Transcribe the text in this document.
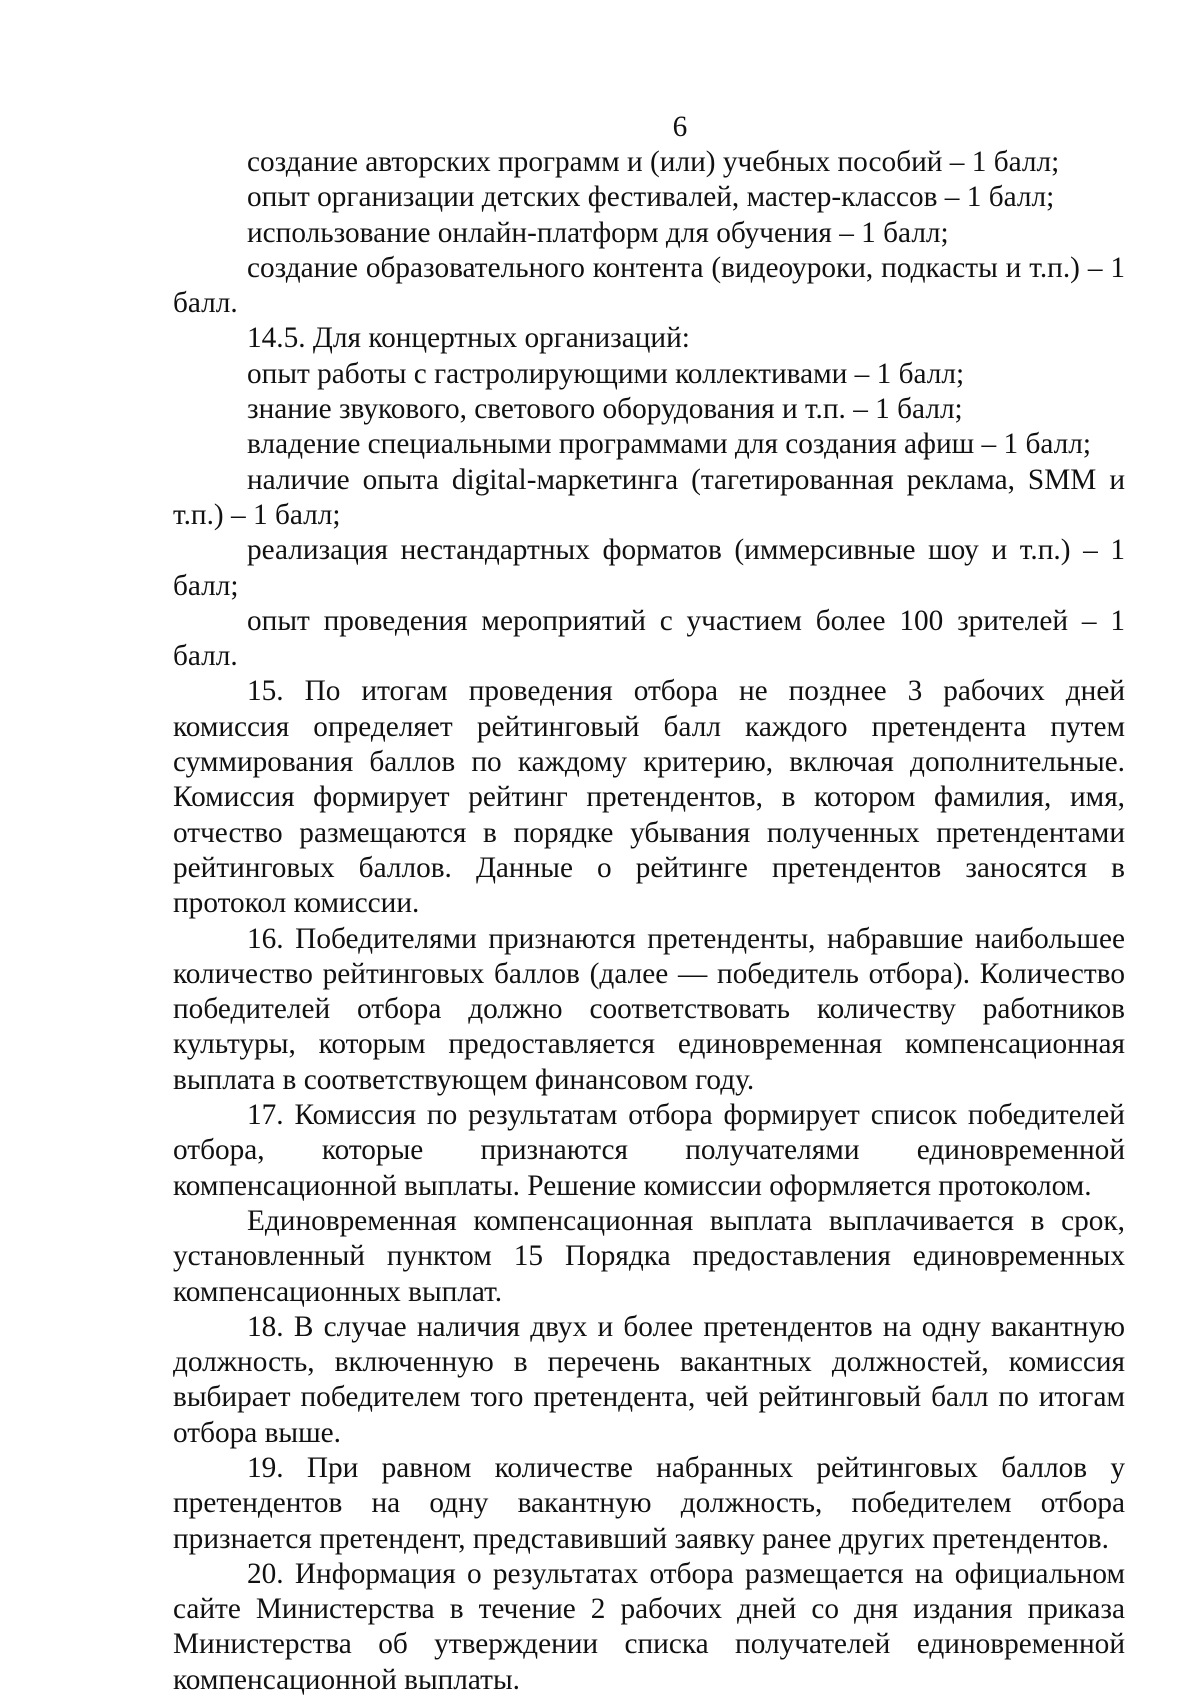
6

создание авторских программ и (или) учебных пособий – 1 балл;

опыт организации детских фестивалей, мастер-классов – 1 балл;

использование онлайн-платформ для обучения – 1 балл;

создание образовательного контента (видеоуроки, подкасты и т.п.) – 1 балл.

14.5. Для концертных организаций:

опыт работы с гастролирующими коллективами – 1 балл;

знание звукового, светового оборудования и т.п. – 1 балл;

владение специальными программами для создания афиш – 1 балл;

наличие опыта digital-маркетинга (тагетированная реклама, SMM и т.п.) – 1 балл;

реализация нестандартных форматов (иммерсивные шоу и т.п.) – 1 балл;

опыт проведения мероприятий с участием более 100 зрителей – 1 балл.

15. По итогам проведения отбора не позднее 3 рабочих дней комиссия определяет рейтинговый балл каждого претендента путем суммирования баллов по каждому критерию, включая дополнительные. Комиссия формирует рейтинг претендентов, в котором фамилия, имя, отчество размещаются в порядке убывания полученных претендентами рейтинговых баллов. Данные о рейтинге претендентов заносятся в протокол комиссии.

16. Победителями признаются претенденты, набравшие наибольшее количество рейтинговых баллов (далее — победитель отбора). Количество победителей отбора должно соответствовать количеству работников культуры, которым предоставляется единовременная компенсационная выплата в соответствующем финансовом году.

17. Комиссия по результатам отбора формирует список победителей отбора, которые признаются получателями единовременной компенсационной выплаты. Решение комиссии оформляется протоколом.

Единовременная компенсационная выплата выплачивается в срок, установленный пунктом 15 Порядка предоставления единовременных компенсационных выплат.

18. В случае наличия двух и более претендентов на одну вакантную должность, включенную в перечень вакантных должностей, комиссия выбирает победителем того претендента, чей рейтинговый балл по итогам отбора выше.

19. При равном количестве набранных рейтинговых баллов у претендентов на одну вакантную должность, победителем отбора признается претендент, представивший заявку ранее других претендентов.

20. Информация о результатах отбора размещается на официальном сайте Министерства в течение 2 рабочих дней со дня издания приказа Министерства об утверждении списка получателей единовременной компенсационной выплаты.
